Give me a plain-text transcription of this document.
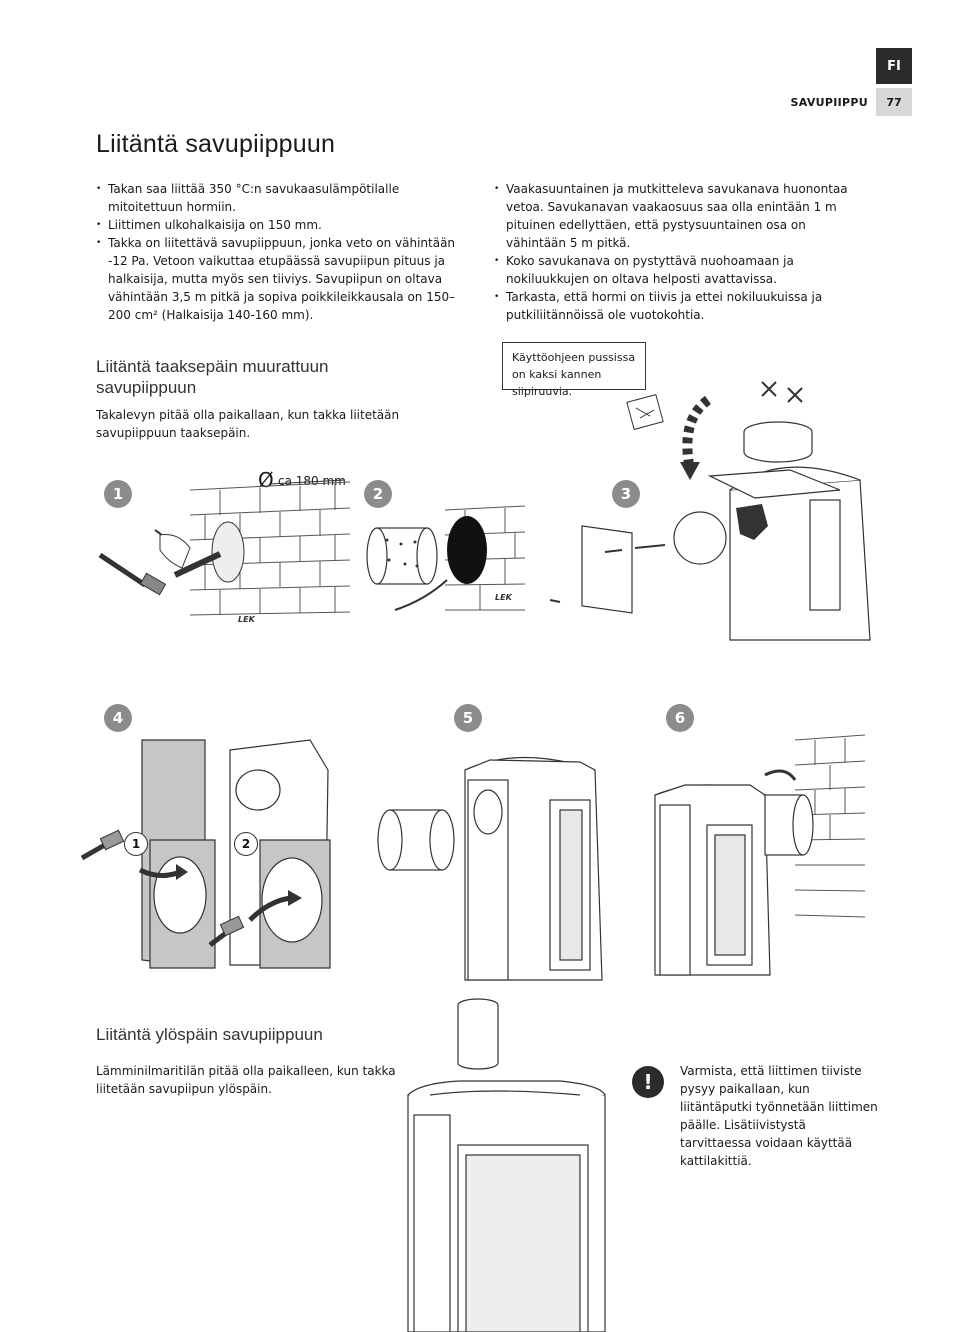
FI
SAVUPIIPPU	77
Liitäntä savupiippuun
• Takan saa liittää 350 °C:n savukaasulämpötilalle mitoitettuun hormiin.
• Liittimen ulkohalkaisija on 150 mm.
• Takka on liitettävä savupiippuun, jonka veto on vähintään -12 Pa. Vetoon vaikuttaa etupäässä savupiipun pituus ja halkaisija, mutta myös sen tiiviys. Savupiipun on oltava vähintään 3,5 m pitkä ja sopiva poikkileikkausala on 150–200 cm² (Halkaisija 140-160 mm).
• Vaakasuuntainen ja mutkitteleva savukanava huonontaa vetoa. Savukanavan vaakaosuus saa olla enintään 1 m pituinen edellyttäen, että pystysuuntainen osa on vähintään 5 m pitkä.
• Koko savukanava on pystyttävä nuohoamaan ja nokiluukkujen on oltava helposti avattavissa.
• Tarkasta, että hormi on tiivis ja ettei nokiluukuissa ja putkiliitännöissä ole vuotokohtia.
Liitäntä taaksepäin muurattuun savupiippuun
Takalevyn pitää olla paikallaan, kun takka liitetään savupiippuun taaksepäin.
Käyttöohjeen pussissa on kaksi kannen siipiruuvia.
1	2	3
4	5	6
Ø ca 180 mm
LEK
LEK
1	2
Liitäntä ylöspäin savupiippuun
Lämminilmaritilän pitää olla paikalleen, kun takka liitetään savupiipun ylöspäin.	!	Varmista, että liittimen tiiviste pysyy paikallaan, kun liitäntäputki työnnetään liittimen päälle. Lisätiivistystä tarvittaessa voidaan käyttää kattilakittiä.
